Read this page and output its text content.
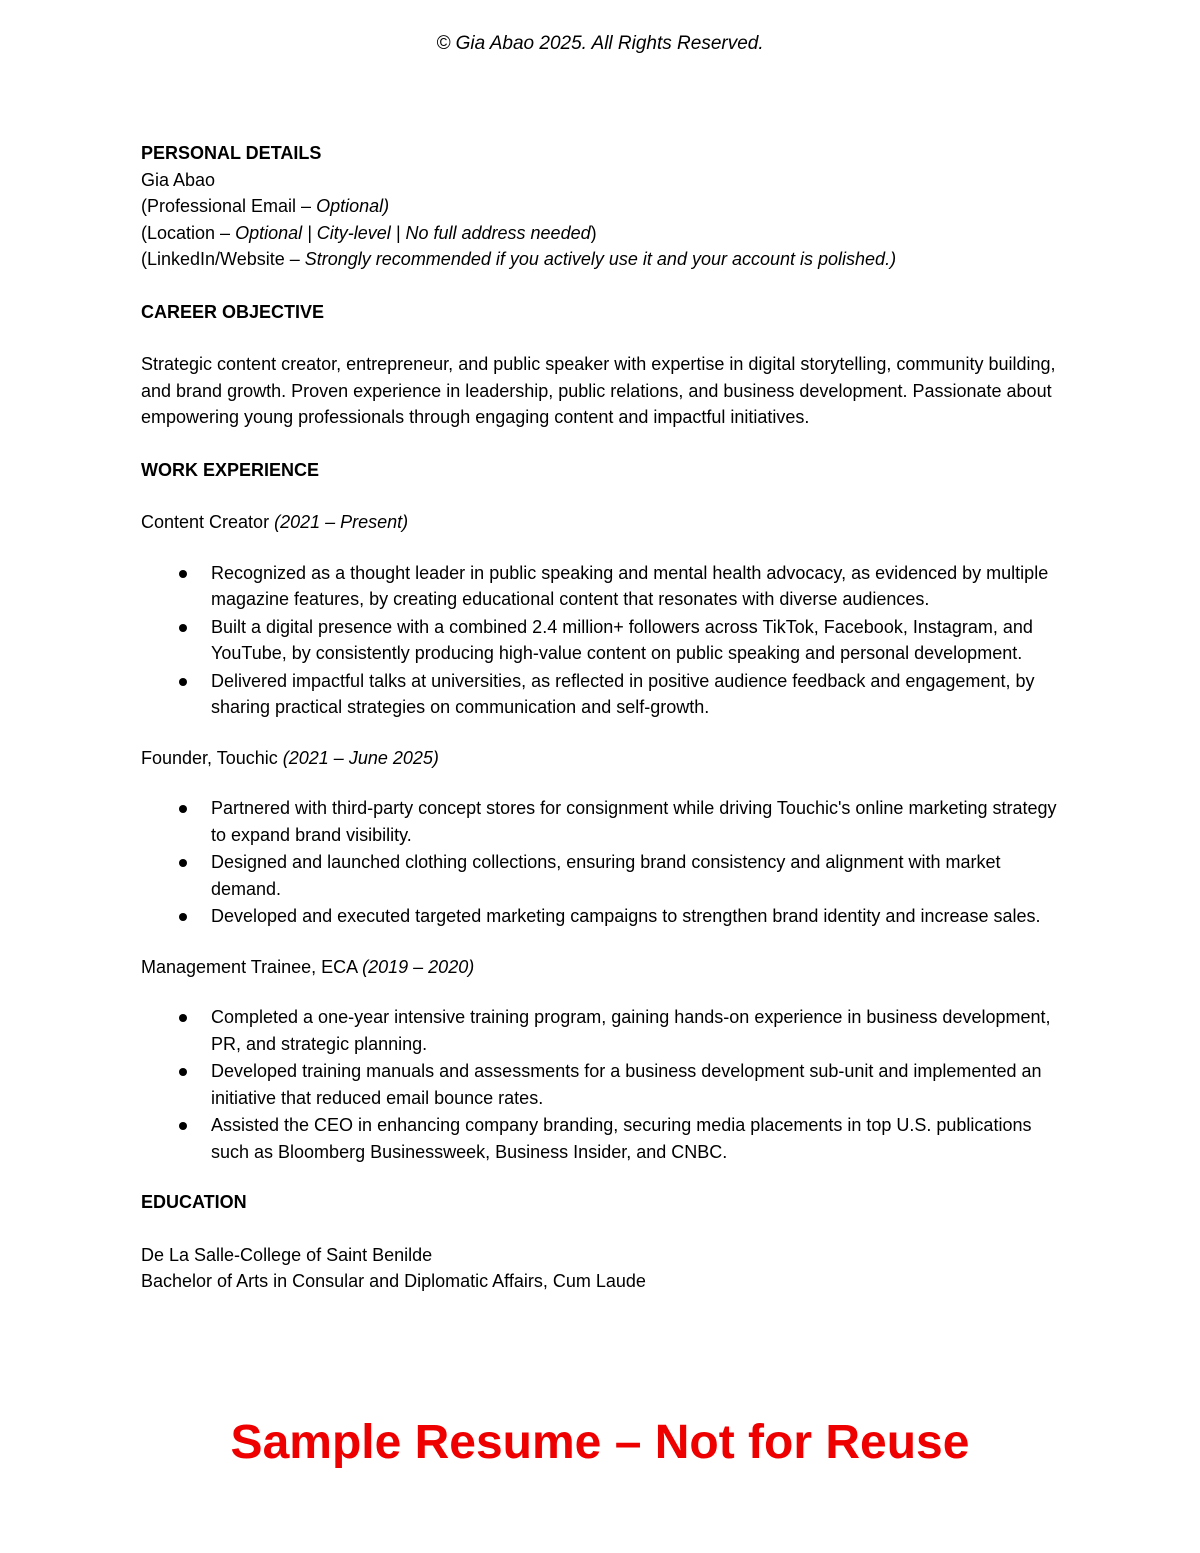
© Gia Abao 2025. All Rights Reserved.

PERSONAL DETAILS

Gia Abao

(Professional Email – Optional)

(Location – Optional | City-level | No full address needed)

(LinkedIn/Website – Strongly recommended if you actively use it and your account is polished.)

CAREER OBJECTIVE

Strategic content creator, entrepreneur, and public speaker with expertise in digital storytelling, community building, and brand growth. Proven experience in leadership, public relations, and business development. Passionate about empowering young professionals through engaging content and impactful initiatives.

WORK EXPERIENCE

Content Creator (2021 – Present)

Recognized as a thought leader in public speaking and mental health advocacy, as evidenced by multiple magazine features, by creating educational content that resonates with diverse audiences.
Built a digital presence with a combined 2.4 million+ followers across TikTok, Facebook, Instagram, and YouTube, by consistently producing high-value content on public speaking and personal development.
Delivered impactful talks at universities, as reflected in positive audience feedback and engagement, by sharing practical strategies on communication and self-growth.

Founder, Touchic (2021 – June 2025)

Partnered with third-party concept stores for consignment while driving Touchic's online marketing strategy to expand brand visibility.
Designed and launched clothing collections, ensuring brand consistency and alignment with market demand.
Developed and executed targeted marketing campaigns to strengthen brand identity and increase sales.

Management Trainee, ECA (2019 – 2020)

Completed a one-year intensive training program, gaining hands-on experience in business development, PR, and strategic planning.
Developed training manuals and assessments for a business development sub-unit and implemented an initiative that reduced email bounce rates.
Assisted the CEO in enhancing company branding, securing media placements in top U.S. publications such as Bloomberg Businessweek, Business Insider, and CNBC.

EDUCATION

De La Salle-College of Saint Benilde

Bachelor of Arts in Consular and Diplomatic Affairs, Cum Laude

Sample Resume – Not for Reuse
